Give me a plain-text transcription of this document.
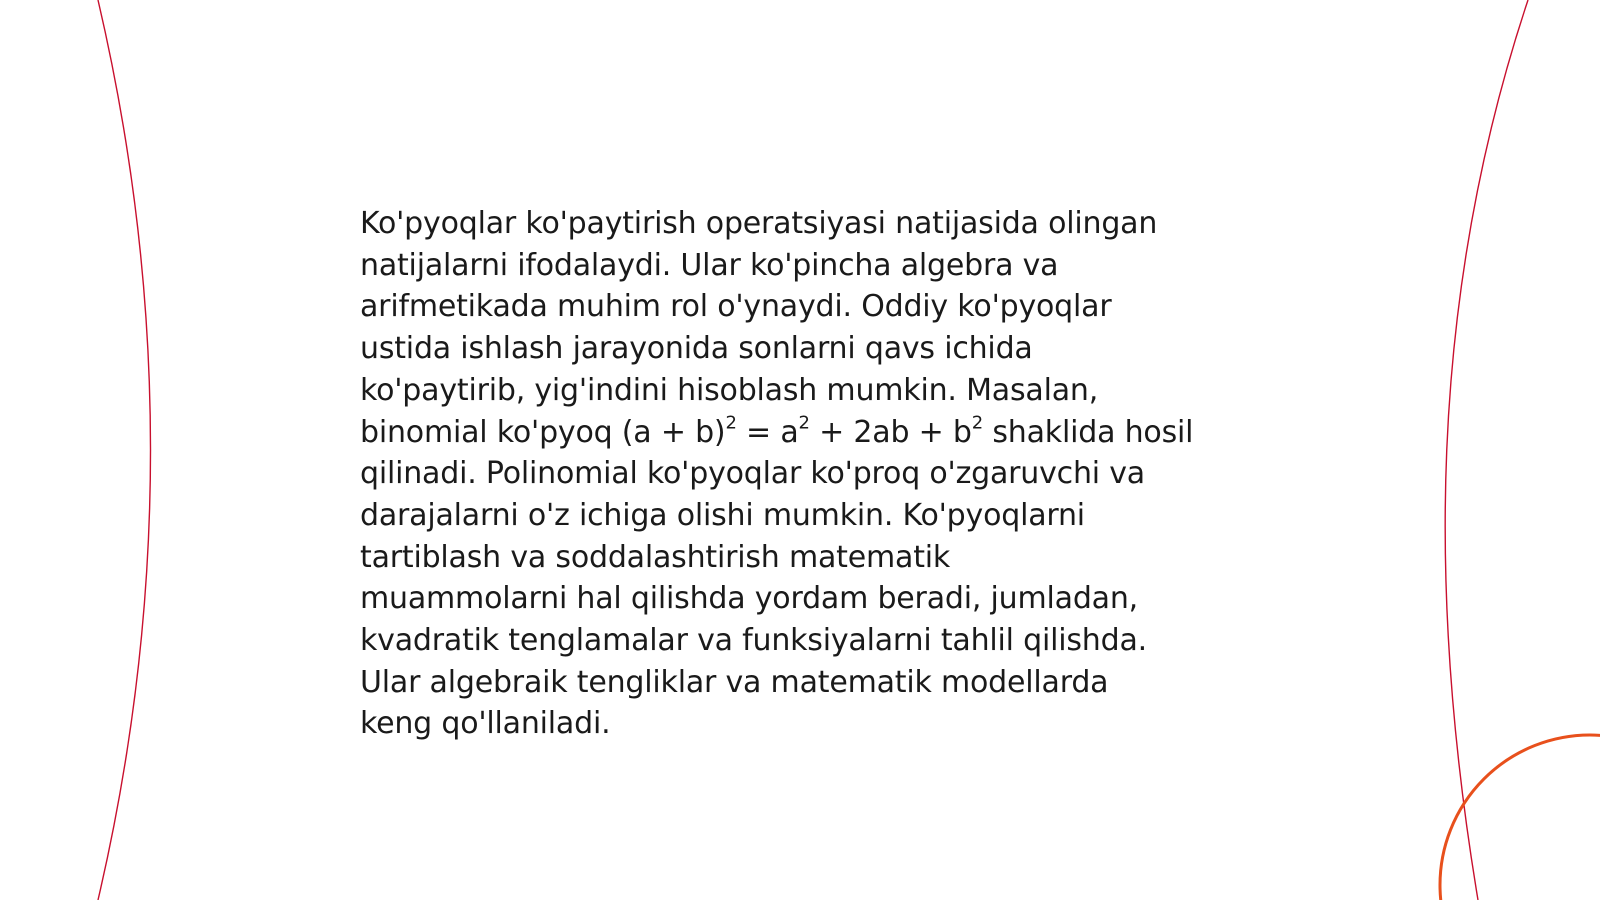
Ko'pyoqlar ko'paytirish operatsiyasi natijasida olingan
natijalarni ifodalaydi. Ular ko'pincha algebra va
arifmetikada muhim rol o'ynaydi. Oddiy ko'pyoqlar
ustida ishlash jarayonida sonlarni qavs ichida
ko'paytirib, yig'indini hisoblash mumkin. Masalan,
binomial ko'pyoq $(a + b)^2 = a^2 + 2ab + b^2$ shaklida hosil
qilinadi. Polinomial ko'pyoqlar ko'proq o'zgaruvchi va
darajalarni o'z ichiga olishi mumkin. Ko'pyoqlarni
tartiblash va soddalashtirish matematik
muammolarni hal qilishda yordam beradi, jumladan,
kvadratik tenglamalar va funksiyalarni tahlil qilishda.
Ular algebraik tengliklar va matematik modellarda
keng qo'llaniladi.
